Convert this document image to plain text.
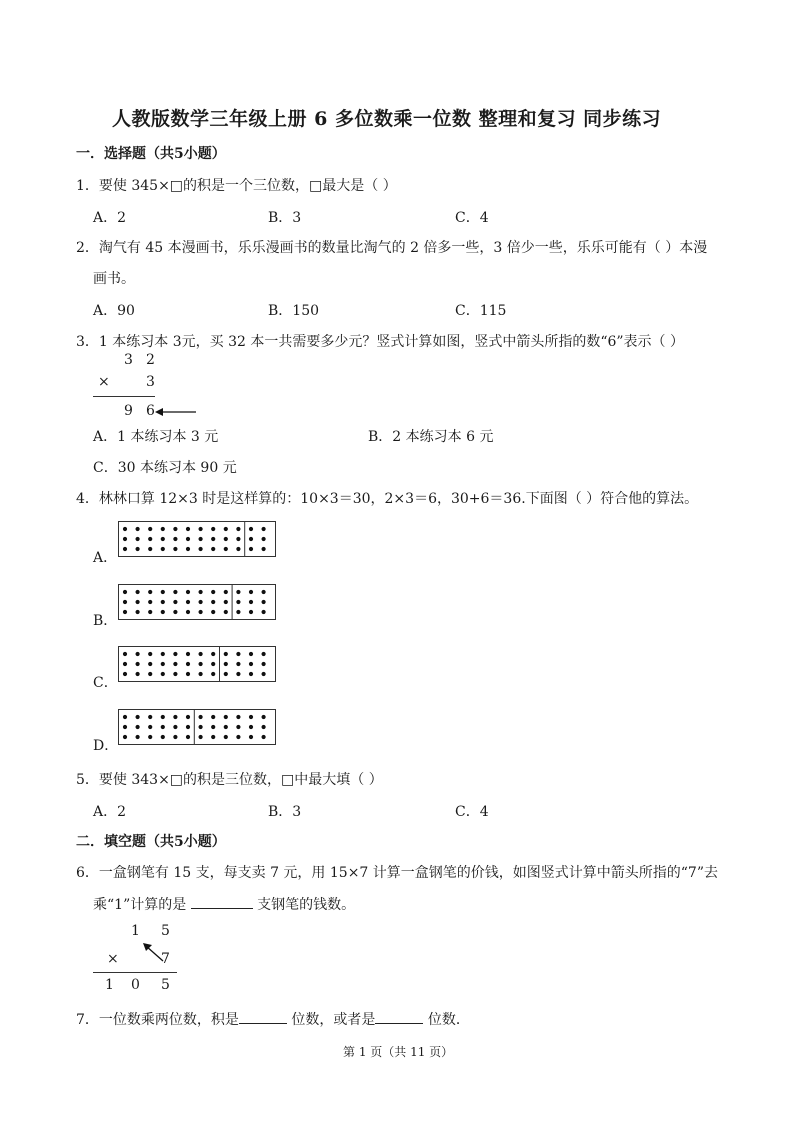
人教版数学三年级上册 6 多位数乘一位数 整理和复习 同步练习
一．选择题（共5小题）
1．要使 345×□的积是一个三位数，□最大是（ ）
A．2	B．3	C．4
2．淘气有 45 本漫画书，乐乐漫画书的数量比淘气的 2 倍多一些，3 倍少一些，乐乐可能有（ ）本漫
画书。
A．90	B．150	C．115
3．1 本练习本 3元，买 32 本一共需要多少元？竖式计算如图，竖式中箭头所指的数“6”表示（ ）
3 2
×	3
9 6
A．1 本练习本 3 元	B．2 本练习本 6 元
C．30 本练习本 90 元
4．林林口算 12×3 时是这样算的：10×3＝30，2×3＝6，30+6＝36.下面图（ ）符合他的算法。
A．
B．
C．
D．
5．要使 343×□的积是三位数，□中最大填（ ）
A．2	B．3	C．4
二．填空题（共5小题）
6．一盒钢笔有 15 支，每支卖 7 元，用 15×7 计算一盒钢笔的价钱，如图竖式计算中箭头所指的“7”去
乘“1”计算的是	支钢笔的钱数。
1 5
×	7
1 0 5
7．一位数乘两位数，积是	位数，或者是	位数．
第 1 页（共 11 页）
